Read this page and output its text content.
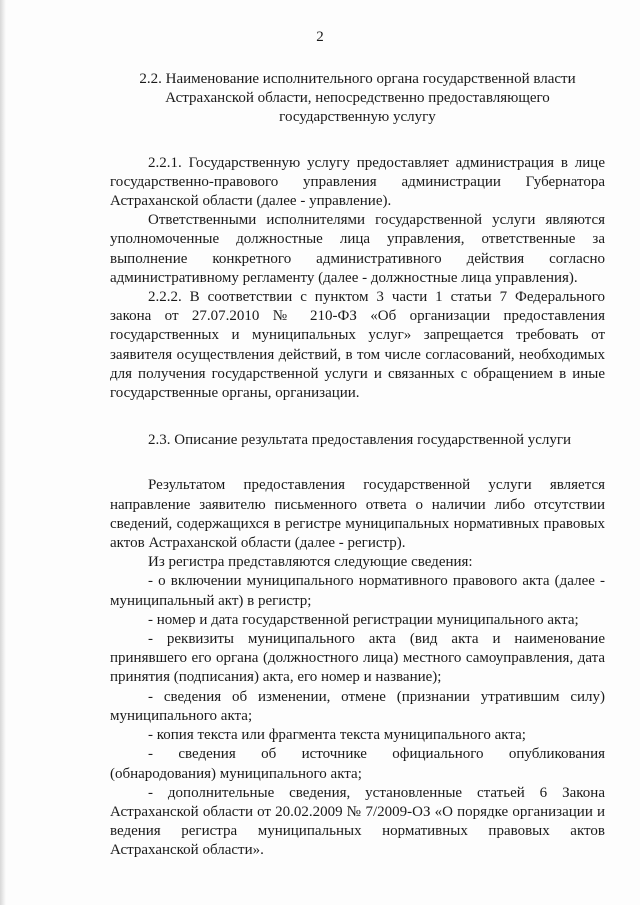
2

2.2. Наименование исполнительного органа государственной власти Астраханской области, непосредственно предоставляющего государственную услугу

2.2.1. Государственную услугу предоставляет администрация в лице государственно-правового управления администрации Губернатора Астраханской области (далее - управление).

Ответственными исполнителями государственной услуги являются уполномоченные должностные лица управления, ответственные за выполнение конкретного административного действия согласно административному регламенту (далее - должностные лица управления).

2.2.2. В соответствии с пунктом 3 части 1 статьи 7 Федерального закона от 27.07.2010 № 210-ФЗ «Об организации предоставления государственных и муниципальных услуг» запрещается требовать от заявителя осуществления действий, в том числе согласований, необходимых для получения государственной услуги и связанных с обращением в иные государственные органы, организации.

2.3. Описание результата предоставления государственной услуги

Результатом предоставления государственной услуги является направление заявителю письменного ответа о наличии либо отсутствии сведений, содержащихся в регистре муниципальных нормативных правовых актов Астраханской области (далее - регистр).

Из регистра представляются следующие сведения:

- о включении муниципального нормативного правового акта (далее - муниципальный акт) в регистр;

- номер и дата государственной регистрации муниципального акта;

- реквизиты муниципального акта (вид акта и наименование принявшего его органа (должностного лица) местного самоуправления, дата принятия (подписания) акта, его номер и название);

- сведения об изменении, отмене (признании утратившим силу) муниципального акта;

- копия текста или фрагмента текста муниципального акта;

- сведения об источнике официального опубликования (обнародования) муниципального акта;

- дополнительные сведения, установленные статьей 6 Закона Астраханской области от 20.02.2009 № 7/2009-ОЗ «О порядке организации и ведения регистра муниципальных нормативных правовых актов Астраханской области».
